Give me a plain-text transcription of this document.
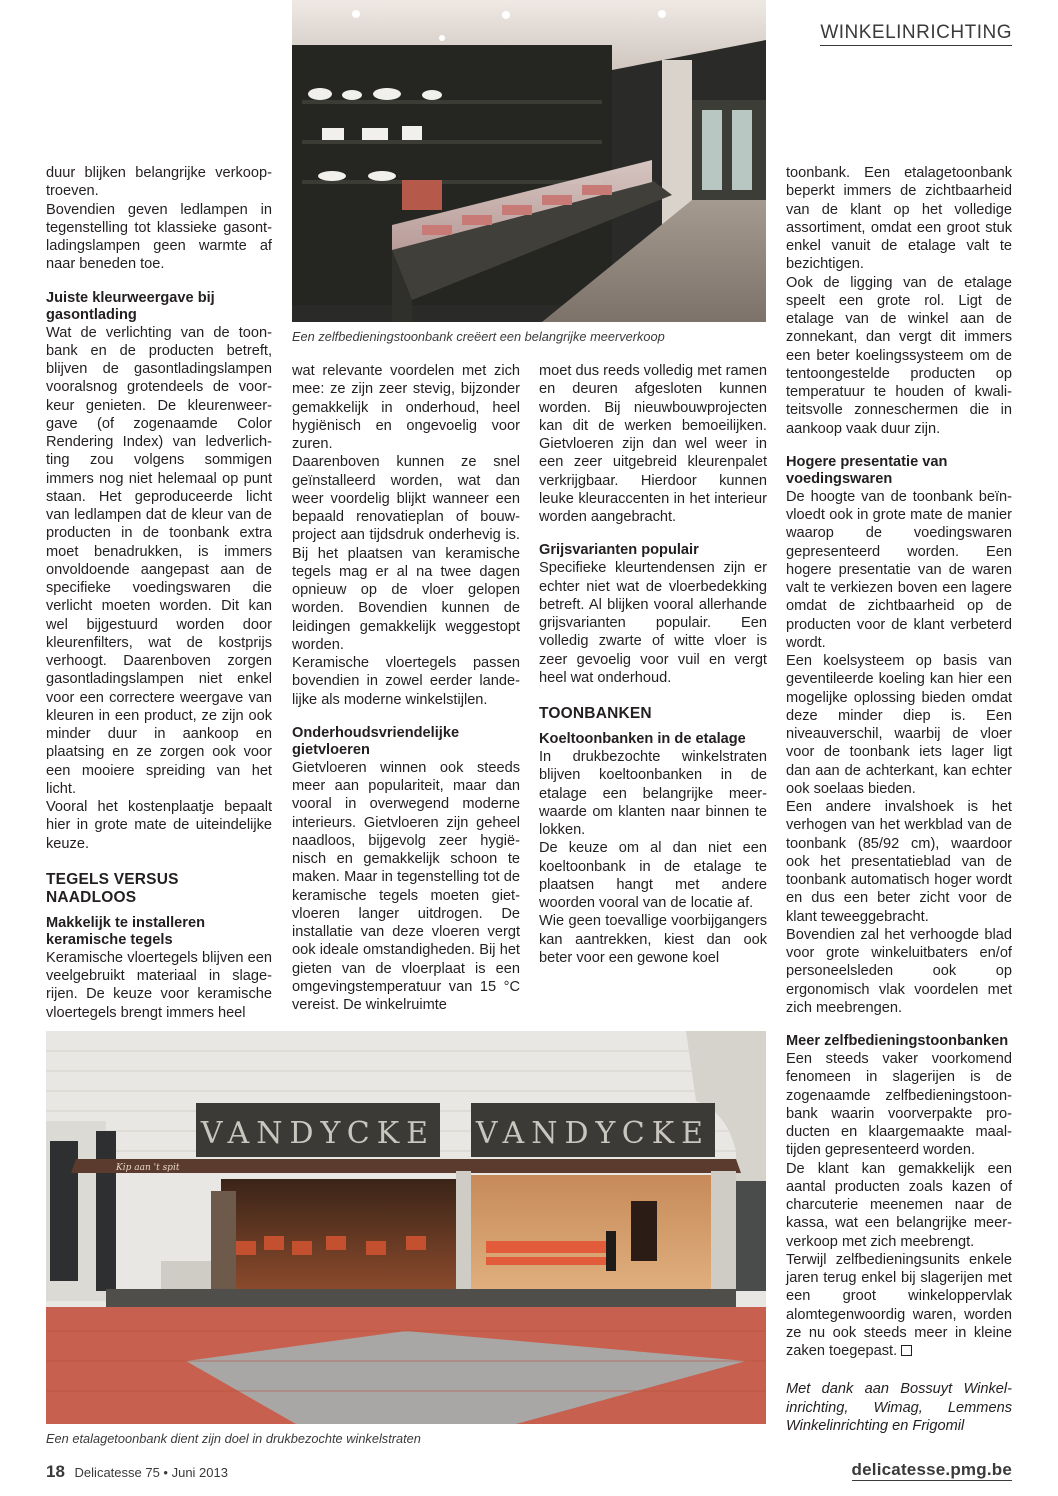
WINKELINRICHTING
Een zelfbedieningstoonbank creëert een belangrijke meerverkoop

duur blijken belangrijke verkooptroeven.

Bovendien geven ledlampen in tegenstelling tot klassieke gasontladingslampen geen warmte af naar beneden toe.

Juiste kleurweergave bij gasontlading

Wat de verlichting van de toonbank en de producten betreft, blijven de gasontladingslampen vooralsnog grotendeels de voorkeur genieten. De kleurenweergave (of zogenaamde Color Rendering Index) van ledverlichting zou volgens sommigen immers nog niet helemaal op punt staan. Het geproduceerde licht van ledlampen dat de kleur van de producten in de toonbank extra moet benadrukken, is immers onvoldoende aangepast aan de specifieke voedingswaren die verlicht moeten worden. Dit kan wel bijgestuurd worden door kleurenfilters, wat de kostprijs verhoogt. Daarenboven zorgen gasontladingslampen niet enkel voor een correctere weergave van kleuren in een product, ze zijn ook minder duur in aankoop en plaatsing en ze zorgen ook voor een mooiere spreiding van het licht.

Vooral het kostenplaatje bepaalt hier in grote mate de uiteindelijke keuze.

TEGELS VERSUS NAADLOOS
Makkelijk te installeren keramische tegels

Keramische vloertegels blijven een veelgebruikt materiaal in slagerijen. De keuze voor keramische vloertegels brengt immers heel

wat relevante voordelen met zich mee: ze zijn zeer stevig, bijzonder gemakkelijk in onderhoud, heel hygiënisch en ongevoelig voor zuren.

Daarenboven kunnen ze snel geïnstalleerd worden, wat dan weer voordelig blijkt wanneer een bepaald renovatieplan of bouwproject aan tijdsdruk onderhevig is. Bij het plaatsen van keramische tegels mag er al na twee dagen opnieuw op de vloer gelopen worden. Bovendien kunnen de leidingen gemakkelijk weggestopt worden.

Keramische vloertegels passen bovendien in zowel eerder landelijke als moderne winkelstijlen.

Onderhoudsvriendelijke gietvloeren

Gietvloeren winnen ook steeds meer aan populariteit, maar dan vooral in overwegend moderne interieurs. Gietvloeren zijn geheel naadloos, bijgevolg zeer hygiënisch en gemakkelijk schoon te maken. Maar in tegenstelling tot de keramische tegels moeten gietvloeren langer uitdrogen. De installatie van deze vloeren vergt ook ideale omstandigheden. Bij het gieten van de vloerplaat is een omgevingstemperatuur van 15 °C vereist. De winkelruimte

moet dus reeds volledig met ramen en deuren afgesloten kunnen worden. Bij nieuwbouwprojecten kan dit de werken bemoeilijken. Gietvloeren zijn dan wel weer in een zeer uitgebreid kleurenpalet verkrijgbaar. Hierdoor kunnen leuke kleuraccenten in het interieur worden aangebracht.

Grijsvarianten populair

Specifieke kleurtendensen zijn er echter niet wat de vloerbedekking betreft. Al blijken vooral allerhande grijsvarianten populair. Een volledig zwarte of witte vloer is zeer gevoelig voor vuil en vergt heel wat onderhoud.

TOONBANKEN
Koeltoonbanken in de etalage

In drukbezochte winkelstraten blijven koeltoonbanken in de etalage een belangrijke meerwaarde om klanten naar binnen te lokken.

De keuze om al dan niet een koeltoonbank in de etalage te plaatsen hangt met andere woorden vooral van de locatie af.

Wie geen toevallige voorbijgangers kan aantrekken, kiest dan ook beter voor een gewone koel

toonbank. Een etalagetoonbank beperkt immers de zichtbaarheid van de klant op het volledige assortiment, omdat een groot stuk enkel vanuit de etalage valt te bezichtigen.

Ook de ligging van de etalage speelt een grote rol. Ligt de etalage van de winkel aan de zonnekant, dan vergt dit immers een beter koelingssysteem om de tentoongestelde producten op temperatuur te houden of kwaliteitsvolle zonneschermen die in aankoop vaak duur zijn.

Hogere presentatie van voedingswaren

De hoogte van de toonbank beïnvloedt ook in grote mate de manier waarop de voedingswaren gepresenteerd worden. Een hogere presentatie van de waren valt te verkiezen boven een lagere omdat de zichtbaarheid op de producten voor de klant verbeterd wordt.

Een koelsysteem op basis van geventileerde koeling kan hier een mogelijke oplossing bieden omdat deze minder diep is. Een niveauverschil, waarbij de vloer voor de toonbank iets lager ligt dan aan de achterkant, kan echter ook soelaas bieden.

Een andere invalshoek is het verhogen van het werkblad van de toonbank (85/92 cm), waardoor ook het presentatieblad van de toonbank automatisch hoger wordt en dus een beter zicht voor de klant teweeggebracht.

Bovendien zal het verhoogde blad voor grote winkeluitbaters en/of personeelsleden ook op ergonomisch vlak voordelen met zich meebrengen.

Meer zelfbedieningstoonbanken

Een steeds vaker voorkomend fenomeen in slagerijen is de zogenaamde zelfbedieningstoonbank waarin voorverpakte producten en klaargemaakte maaltijden gepresenteerd worden.

De klant kan gemakkelijk een aantal producten zoals kazen of charcuterie meenemen naar de kassa, wat een belangrijke meerverkoop met zich meebrengt.

Terwijl zelfbedieningsunits enkele jaren terug enkel bij slagerijen met een groot winkeloppervlak alomtegenwoordig waren, worden ze nu ook steeds meer in kleine zaken toegepast.

Met dank aan Bossuyt Winkelinrichting, Wimag, Lemmens Winkelinrichting en Frigomil

VANDYCKE VANDYCKE
Kip aan 't spit
Een etalagetoonbank dient zijn doel in drukbezochte winkelstraten
18 Delicatesse 75 • Juni 2013	delicatesse.pmg.be
